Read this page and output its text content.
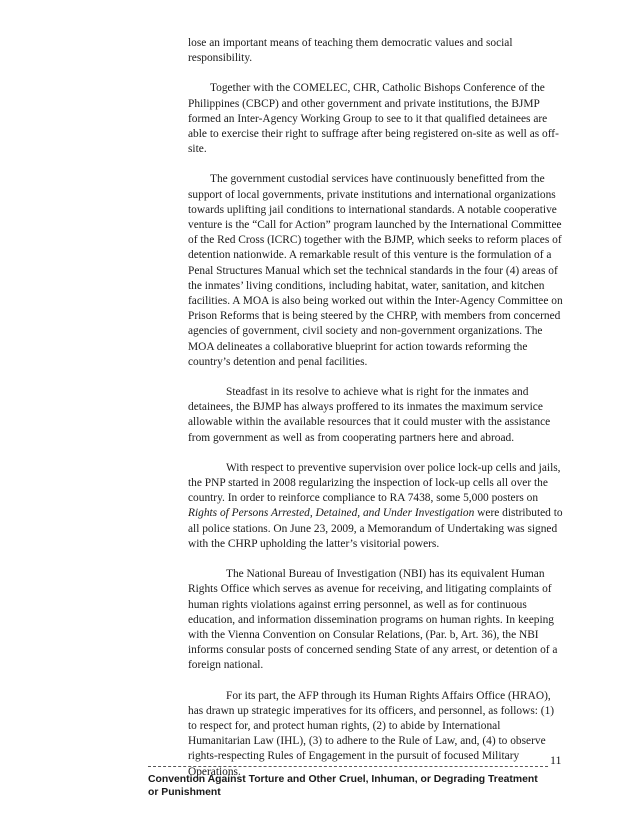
lose an important means of teaching them democratic values and social responsibility.

Together with the COMELEC, CHR, Catholic Bishops Conference of the Philippines (CBCP) and other government and private institutions, the BJMP formed an Inter-Agency Working Group to see to it that qualified detainees are able to exercise their right to suffrage after being registered on-site as well as off-site.

The government custodial services have continuously benefitted from the support of local governments, private institutions and international organizations towards uplifting jail conditions to international standards. A notable cooperative venture is the “Call for Action” program launched by the International Committee of the Red Cross (ICRC) together with the BJMP, which seeks to reform places of detention nationwide. A remarkable result of this venture is the formulation of a Penal Structures Manual which set the technical standards in the four (4) areas of the inmates’ living conditions, including habitat, water, sanitation, and kitchen facilities. A MOA is also being worked out within the Inter-Agency Committee on Prison Reforms that is being steered by the CHRP, with members from concerned agencies of government, civil society and non-government organizations. The MOA delineates a collaborative blueprint for action towards reforming the country’s detention and penal facilities.

Steadfast in its resolve to achieve what is right for the inmates and detainees, the BJMP has always proffered to its inmates the maximum service allowable within the available resources that it could muster with the assistance from government as well as from cooperating partners here and abroad.

With respect to preventive supervision over police lock-up cells and jails, the PNP started in 2008 regularizing the inspection of lock-up cells all over the country. In order to reinforce compliance to RA 7438, some 5,000 posters on Rights of Persons Arrested, Detained, and Under Investigation were distributed to all police stations. On June 23, 2009, a Memorandum of Undertaking was signed with the CHRP upholding the latter’s visitorial powers.

The National Bureau of Investigation (NBI) has its equivalent Human Rights Office which serves as avenue for receiving, and litigating complaints of human rights violations against erring personnel, as well as for continuous education, and information dissemination programs on human rights. In keeping with the Vienna Convention on Consular Relations, (Par. b, Art. 36), the NBI informs consular posts of concerned sending State of any arrest, or detention of a foreign national.

For its part, the AFP through its Human Rights Affairs Office (HRAO), has drawn up strategic imperatives for its officers, and personnel, as follows: (1) to respect for, and protect human rights, (2) to abide by International Humanitarian Law (IHL), (3) to adhere to the Rule of Law, and, (4) to observe rights-respecting Rules of Engagement in the pursuit of focused Military Operations.

11
Convention Against Torture and Other Cruel, Inhuman, or Degrading Treatment
or Punishment
